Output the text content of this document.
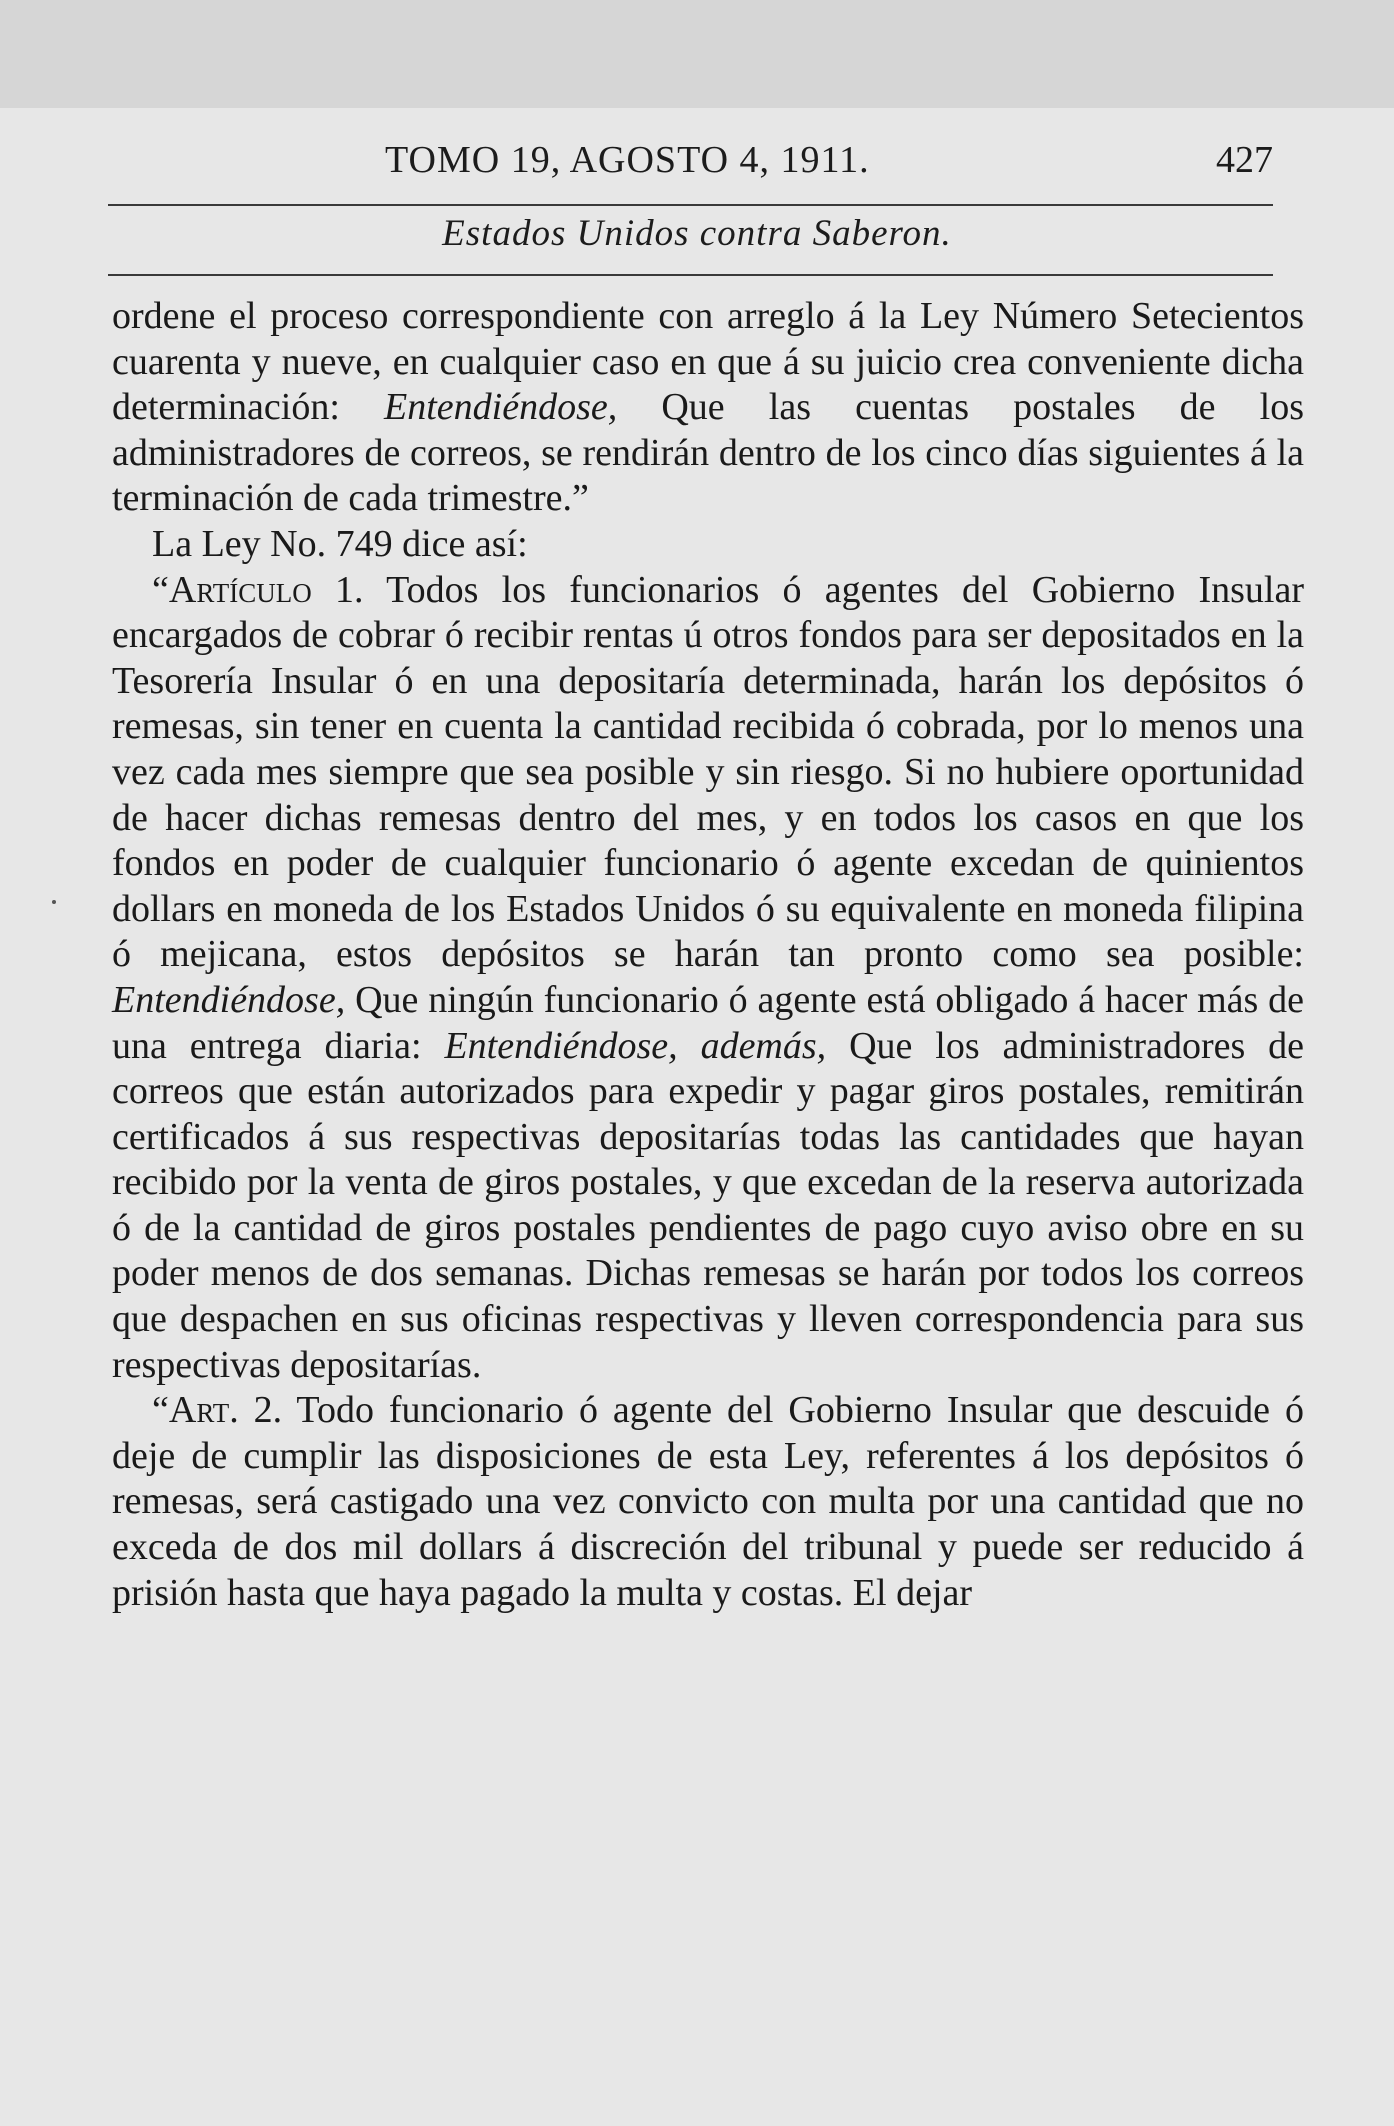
TOMO 19, AGOSTO 4, 1911.	427
Estados Unidos contra Saberon.

ordene el proceso correspondiente con arreglo á la Ley Número Setecientos cuarenta y nueve, en cualquier caso en que á su juicio crea conveniente dicha determinación: Entendiéndose, Que las cuentas postales de los administradores de correos, se rendirán dentro de los cinco días siguientes á la terminación de cada trimestre.”

La Ley No. 749 dice así:

“Artículo 1. Todos los funcionarios ó agentes del Gobierno Insular encargados de cobrar ó recibir rentas ú otros fondos para ser depositados en la Tesorería Insular ó en una depositaría determinada, harán los depósitos ó remesas, sin tener en cuenta la cantidad recibida ó cobrada, por lo menos una vez cada mes siempre que sea posible y sin riesgo. Si no hubiere oportunidad de hacer dichas remesas dentro del mes, y en todos los casos en que los fondos en poder de cualquier funcionario ó agente excedan de quinientos dollars en moneda de los Estados Unidos ó su equivalente en moneda filipina ó mejicana, estos depósitos se harán tan pronto como sea posible: Entendiéndose, Que ningún funcionario ó agente está obligado á hacer más de una entrega diaria: Entendiéndose, además, Que los administradores de correos que están autorizados para expedir y pagar giros postales, remitirán certificados á sus respectivas depositarías todas las cantidades que hayan recibido por la venta de giros postales, y que excedan de la reserva autorizada ó de la cantidad de giros postales pendientes de pago cuyo aviso obre en su poder menos de dos semanas. Dichas remesas se harán por todos los correos que despachen en sus oficinas respectivas y lleven correspondencia para sus respectivas depositarías.

“Art. 2. Todo funcionario ó agente del Gobierno Insular que descuide ó deje de cumplir las disposiciones de esta Ley, referentes á los depósitos ó remesas, será castigado una vez convicto con multa por una cantidad que no exceda de dos mil dollars á discreción del tribunal y puede ser reducido á prisión hasta que haya pagado la multa y costas. El dejar
